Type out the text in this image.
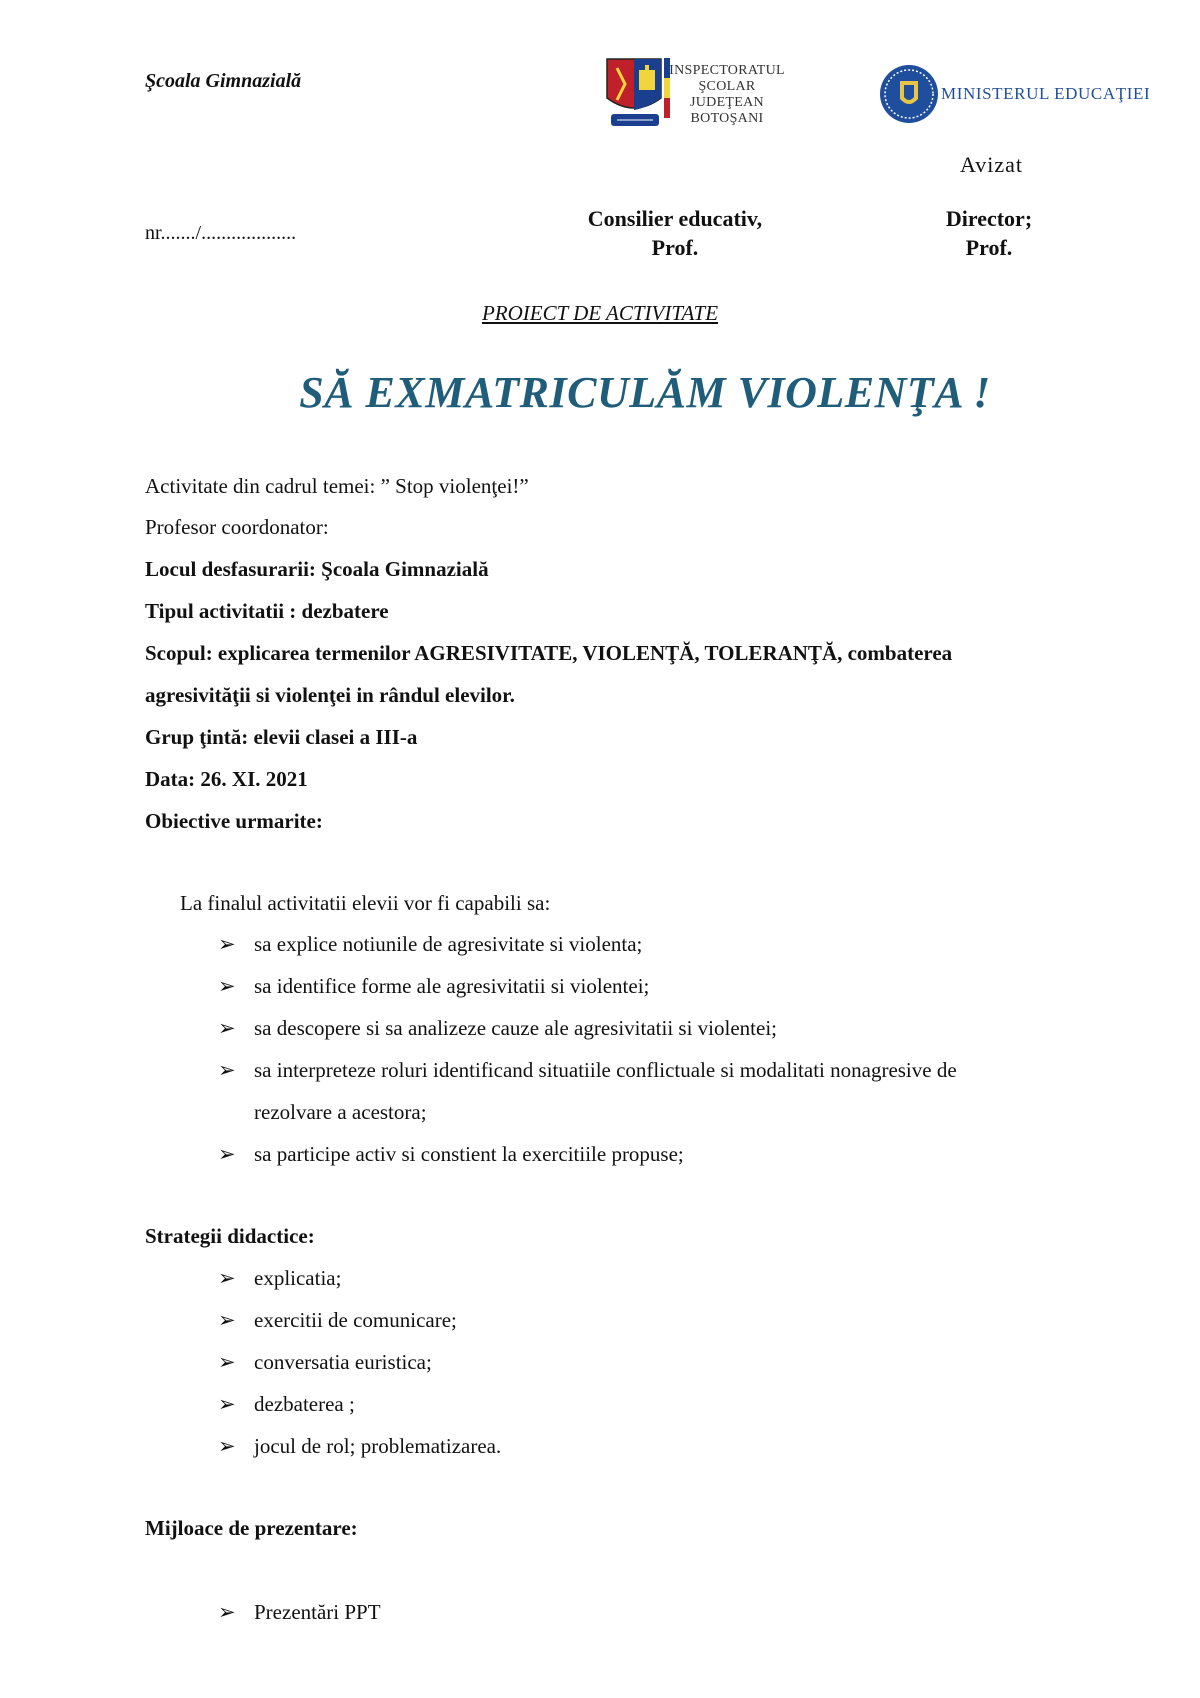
Şcoala Gimnazială	INSPECTORATUL
ŞCOLAR
JUDEŢEAN
BOTOŞANI
MINISTERUL EDUCAŢIEI
Avizat
nr......./...................
Consilier educativ,
Prof.
Director;
Prof.
PROIECT DE ACTIVITATE
SĂ EXMATRICULĂM VIOLENŢA !
Activitate din cadrul temei: ” Stop violenţei!”
Profesor coordonator:
Locul desfasurarii: Şcoala Gimnazială
Tipul activitatii : dezbatere
Scopul: explicarea termenilor AGRESIVITATE, VIOLENŢĂ, TOLERANŢĂ, combaterea
agresivităţii si violenţei in rândul elevilor.
Grup ţintă: elevii clasei a III-a
Data: 26. XI. 2021
Obiective urmarite:
La finalul activitatii elevii vor fi capabili sa:
➢ sa explice notiunile de agresivitate si violenta;
➢ sa identifice forme ale agresivitatii si violentei;
➢ sa descopere si sa analizeze cauze ale agresivitatii si violentei;
➢ sa interpreteze roluri identificand situatiile conflictuale si modalitati nonagresive de
rezolvare a acestora;
➢ sa participe activ si constient la exercitiile propuse;
Strategii didactice:
➢ explicatia;
➢ exercitii de comunicare;
➢ conversatia euristica;
➢ dezbaterea ;
➢ jocul de rol; problematizarea.
Mijloace de prezentare:
➢ Prezentări PPT
